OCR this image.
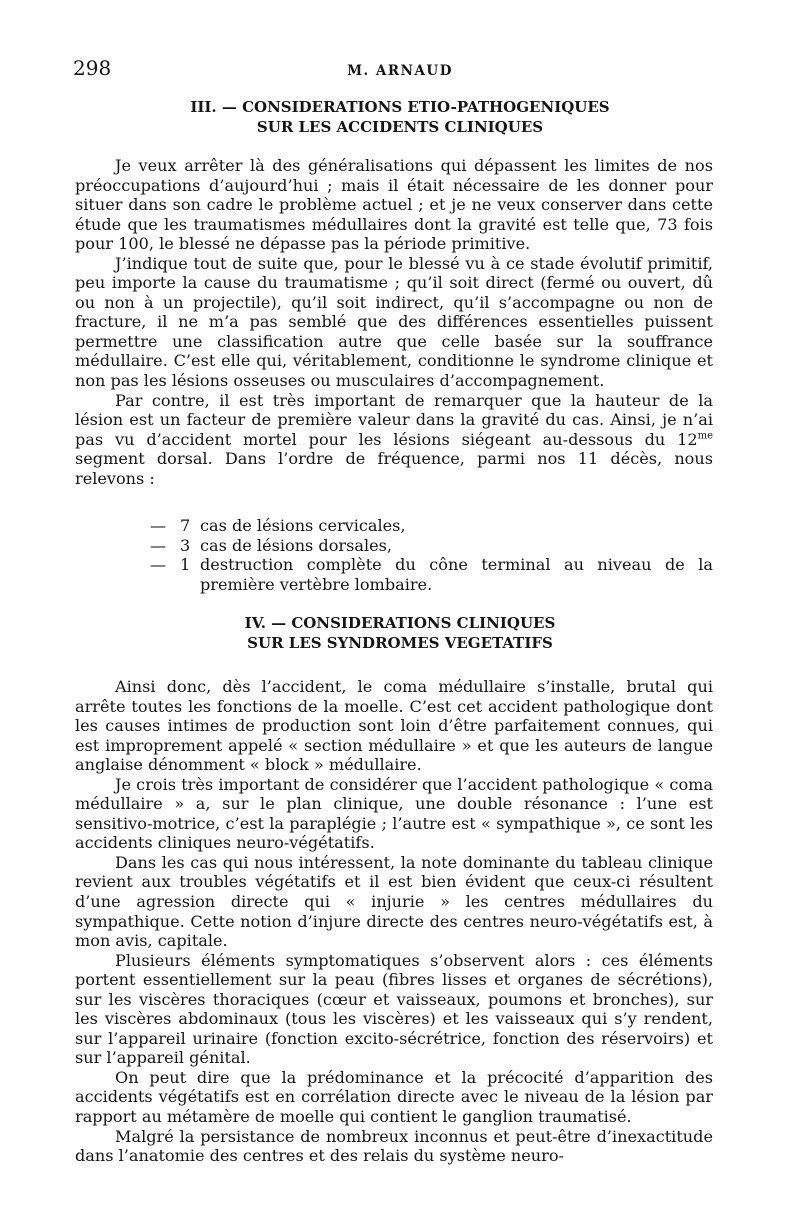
298	M. ARNAUD
III. — CONSIDERATIONS ETIO-PATHOGENIQUES
SUR LES ACCIDENTS CLINIQUES

Je veux arrêter là des généralisations qui dépassent les limites de nos préoccupations d’aujourd’hui ; mais il était nécessaire de les donner pour situer dans son cadre le problème actuel ; et je ne veux conserver dans cette étude que les traumatismes médullaires dont la gravité est telle que, 73 fois pour 100, le blessé ne dépasse pas la période primitive.

J’indique tout de suite que, pour le blessé vu à ce stade évolutif primitif, peu importe la cause du traumatisme ; qu’il soit direct (fermé ou ouvert, dû ou non à un projectile), qu’il soit indirect, qu’il s’accompagne ou non de fracture, il ne m’a pas semblé que des différences essentielles puissent permettre une classification autre que celle basée sur la souffrance médullaire. C’est elle qui, véritablement, conditionne le syndrome clinique et non pas les lésions osseuses ou musculaires d’accompagnement.

Par contre, il est très important de remarquer que la hauteur de la lésion est un facteur de première valeur dans la gravité du cas. Ainsi, je n’ai pas vu d’accident mortel pour les lésions siégeant au-dessous du $12^{me}$ segment dorsal. Dans l’ordre de fréquence, parmi nos 11 décès, nous relevons :

— 7 cas de lésions cervicales,
— 3 cas de lésions dorsales,
— 1 destruction complète du cône terminal au niveau de la première vertèbre lombaire.
IV. — CONSIDERATIONS CLINIQUES
SUR LES SYNDROMES VEGETATIFS

Ainsi donc, dès l’accident, le coma médullaire s’installe, brutal qui arrête toutes les fonctions de la moelle. C’est cet accident pathologique dont les causes intimes de production sont loin d’être parfaitement connues, qui est improprement appelé « section médullaire » et que les auteurs de langue anglaise dénomment « block » médullaire.

Je crois très important de considérer que l’accident pathologique « coma médullaire » a, sur le plan clinique, une double résonance : l’une est sensitivo-motrice, c’est la paraplégie ; l’autre est « sympathique », ce sont les accidents cliniques neuro-végétatifs.

Dans les cas qui nous intéressent, la note dominante du tableau clinique revient aux troubles végétatifs et il est bien évident que ceux-ci résultent d’une agression directe qui « injurie » les centres médullaires du sympathique. Cette notion d’injure directe des centres neuro-végétatifs est, à mon avis, capitale.

Plusieurs éléments symptomatiques s’observent alors : ces éléments portent essentiellement sur la peau (fibres lisses et organes de sécrétions), sur les viscères thoraciques (cœur et vaisseaux, poumons et bronches), sur les viscères abdominaux (tous les viscères) et les vaisseaux qui s’y rendent, sur l’appareil urinaire (fonction excito-sécrétrice, fonction des réservoirs) et sur l’appareil génital.

On peut dire que la prédominance et la précocité d’apparition des accidents végétatifs est en corrélation directe avec le niveau de la lésion par rapport au métamère de moelle qui contient le ganglion traumatisé.

Malgré la persistance de nombreux inconnus et peut-être d’inexactitude dans l’anatomie des centres et des relais du système neuro-
